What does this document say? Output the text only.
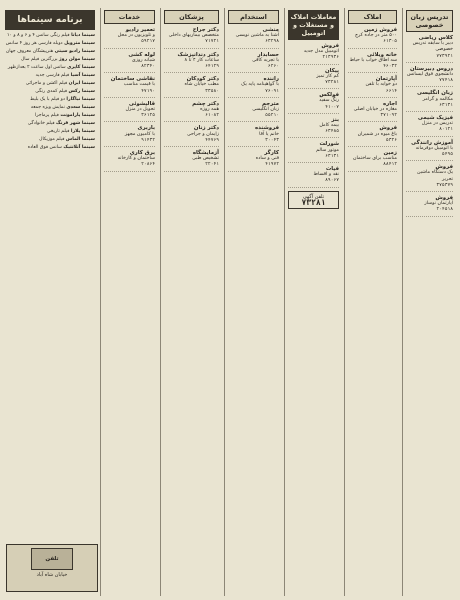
تدریس زبان خصوصی
کلاس ریاضی
دبیر با سابقه تدریس خصوصی
۷۷۳۹۲۱
دروس دبیرستان
دانشجوی فوق لیسانس
۷۷۴۱۸
زبان انگلیسی
مکالمه و گرامر
۶۳۱۳۱
فیزیک شیمی
تدریس در منزل
۸۰۱۲۱
آموزش رانندگی
با اتومبیل دوفرمانه
۵۴۹۵
فروش
یک دستگاه ماشین تحریر
۳۷۵۳۷۹
فروش
آپارتمان نوساز
۲۰۴۵۱۸
املاک
فروش زمین
۵۰۰ متر در جاده کرج
۶۱۳۰۵
خانه ویلائی
سه اطاق خواب با حیاط
۴۶۰۳۲
آپارتمان
دو خوابه با تلفن
۶۶۱۴
اجاره
مغازه در خیابان اصلی
۳۷۱۰۹۲
فروش
باغ میوه در شمیران
۵۳۲۶
زمین
مناسب برای ساختمان
۸۸۴۱۲
معاملات املاک و مستغلات و اتومبیل
فروش
اتومبیل مدل جدید
۲۱۳۹۳۶
پیکان
کم کار تمیز
۷۳۲۸۱
فولکس
رنگ سفید
۴۱۰۰۷
بنز
بیمه کامل
۶۳۴۸۵
شورلت
موتور سالم
۶۳۱۳۱
فیات
نقد و اقساط
۸۹۰۶۷
تلفن آگهی
۷۳۲۸۱
استخدام
منشی
آشنا به ماشین نویسی
۶۳۲۹۸
حسابدار
با تجربه کافی
۶۲۶۰
راننده
با گواهینامه پایه یک
۷۶۰۹۱
مترجم
زبان انگلیسی
۵۵۲۱۰
فروشنده
خانم یا آقا
۳۰۰۴۳
کارگر
فنی و ساده
۴۱۹۷۲
پزشکان
دکتر جراح
متخصص بیماریهای داخلی
۷۱۷۲۱
دکتر دندانپزشک
ساعات کار ۴ تا ۸
۶۴۱۲۹
دکتر کودکان
مطب خیابان شاه
۳۳۵۸۰
دکتر چشم
همه روزه
۶۱۰۸۲
دکتر زنان
زایمان و جراحی
۴۴۷۶۹
آزمایشگاه
تشخیص طبی
۲۲۰۴۱
خدمات
تعمیر رادیو
و تلویزیون در محل
۵۹۲۱۷
لوله کشی
شبانه روزی
۸۲۳۴۰
نقاشی ساختمان
با قیمت مناسب
۴۷۱۹۰
قالیشوئی
تحویل در منزل
۳۶۱۲۵
باربری
با کامیون مجهز
۹۱۴۳۲
برق کاری
ساختمان و کارخانه
۲۰۸۶۴
برنامه سینماها
سینما دیانا فیلم رنگی سانس ۴ و ۶ و ۸ و ۱۰
سینما متروپل دوبله فارسی هر روز ۴ سانس
سینما رادیو سیتی هنرپیشگان معروف جهان
سینما مولن روژ بزرگترین فیلم سال
سینما کاپری سانس اول ساعت ۲ بعدازظهر
سینما آسیا فیلم فارسی جدید
سینما ایران فیلم اکشن و ماجرائی
سینما رکس فیلم کمدی رنگی
سینما نیاگارا دو فیلم با یک بلیط
سینما سعدی نمایش ویژه جمعه
سینما پارامونت فیلم پرماجرا
سینما شهر فرنگ فیلم خانوادگی
سینما پلازا فیلم تاریخی
سینما الماس فیلم موزیکال
سینما آتلانتیک سانس فوق العاده
تلفن
خیابان شاه آباد
